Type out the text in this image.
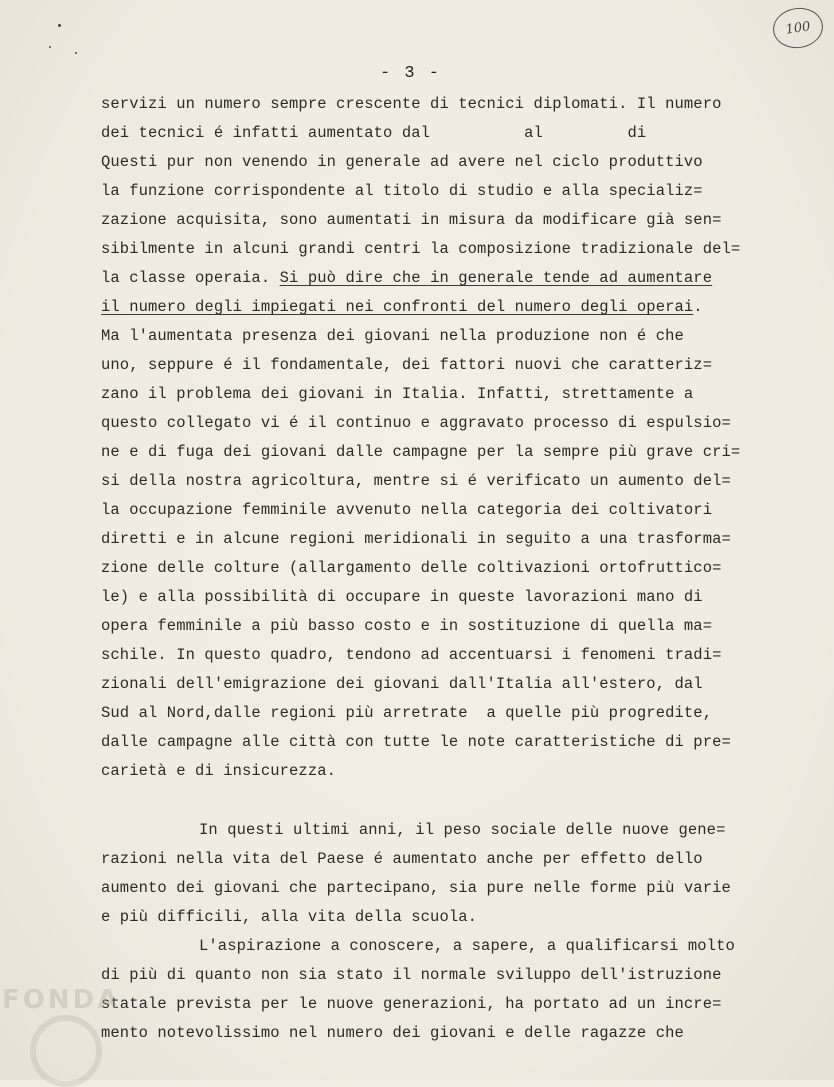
100
- 3 -
servizi un numero sempre crescente di tecnici diplomati. Il numero
dei tecnici é infatti aumentato dal          al         di
Questi pur non venendo in generale ad avere nel ciclo produttivo
la funzione corrispondente al titolo di studio e alla specializ=
zazione acquisita, sono aumentati in misura da modificare già sen=
sibilmente in alcuni grandi centri la composizione tradizionale del=
la classe operaia. Si può dire che in generale tende ad aumentare
il numero degli impiegati nei confronti del numero degli operai.
Ma l'aumentata presenza dei giovani nella produzione non é che
uno, seppure é il fondamentale, dei fattori nuovi che caratteriz=
zano il problema dei giovani in Italia. Infatti, strettamente a
questo collegato vi é il continuo e aggravato processo di espulsio=
ne e di fuga dei giovani dalle campagne per la sempre più grave cri=
si della nostra agricoltura, mentre si é verificato un aumento del=
la occupazione femminile avvenuto nella categoria dei coltivatori
diretti e in alcune regioni meridionali in seguito a una trasforma=
zione delle colture (allargamento delle coltivazioni ortofruttico=
le) e alla possibilità di occupare in queste lavorazioni mano di
opera femminile a più basso costo e in sostituzione di quella ma=
schile. In questo quadro, tendono ad accentuarsi i fenomeni tradi=
zionali dell'emigrazione dei giovani dall'Italia all'estero, dal
Sud al Nord,dalle regioni più arretrate  a quelle più progredite,
dalle campagne alle città con tutte le note caratteristiche di pre=
carietà e di insicurezza.
In questi ultimi anni, il peso sociale delle nuove gene=
razioni nella vita del Paese é aumentato anche per effetto dello
aumento dei giovani che partecipano, sia pure nelle forme più varie
e più difficili, alla vita della scuola.
L'aspirazione a conoscere, a sapere, a qualificarsi molto
di più di quanto non sia stato il normale sviluppo dell'istruzione
statale prevista per le nuove generazioni, ha portato ad un incre=
mento notevolissimo nel numero dei giovani e delle ragazze che
FONDA
